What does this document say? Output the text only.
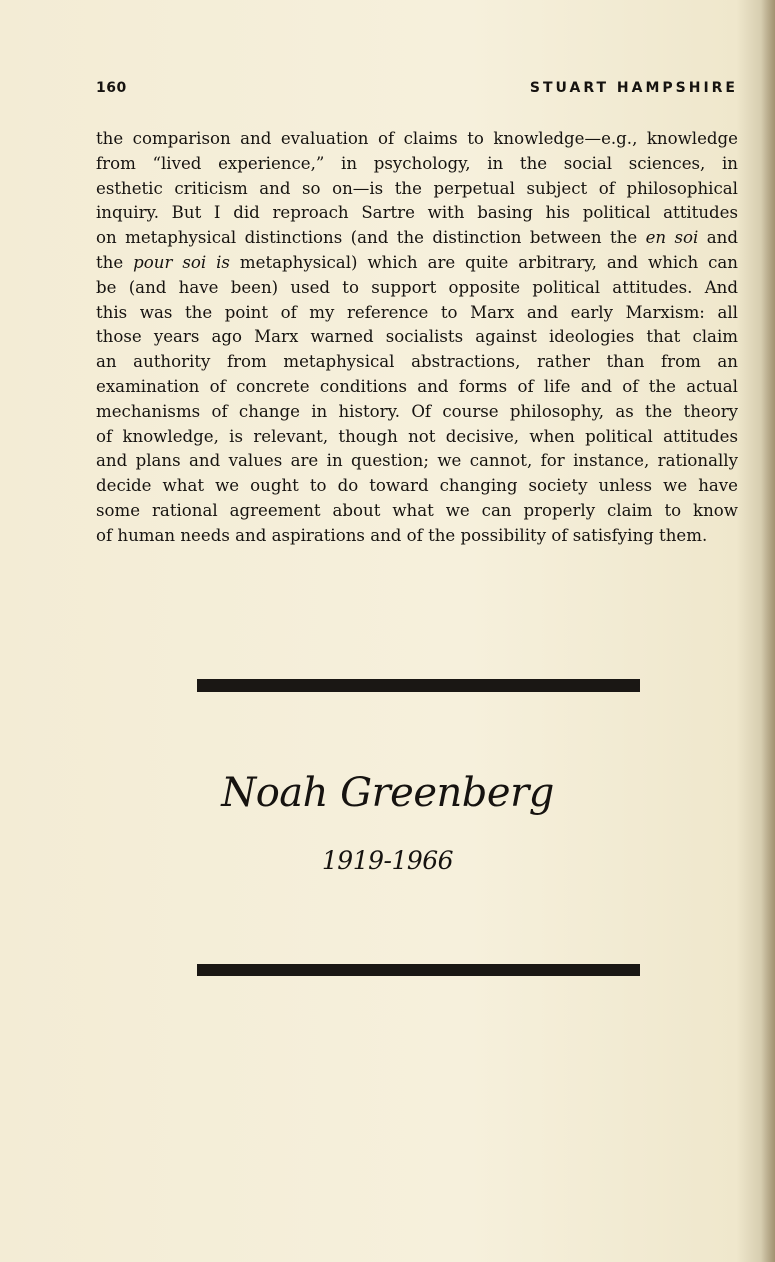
160	STUART HAMPSHIRE
the comparison and evaluation of claims to knowledge—e.g., knowledge
from “lived experience,” in psychology, in the social sciences, in
esthetic criticism and so on—is the perpetual subject of philosophical
inquiry. But I did reproach Sartre with basing his political attitudes
on metaphysical distinctions (and the distinction between the en soi and
the pour soi is metaphysical) which are quite arbitrary, and which can
be (and have been) used to support opposite political attitudes. And
this was the point of my reference to Marx and early Marxism: all
those years ago Marx warned socialists against ideologies that claim
an authority from metaphysical abstractions, rather than from an
examination of concrete conditions and forms of life and of the actual
mechanisms of change in history. Of course philosophy, as the theory
of knowledge, is relevant, though not decisive, when political attitudes
and plans and values are in question; we cannot, for instance, rationally
decide what we ought to do toward changing society unless we have
some rational agreement about what we can properly claim to know
of human needs and aspirations and of the possibility of satisfying them.
Noah Greenberg
1919-1966
